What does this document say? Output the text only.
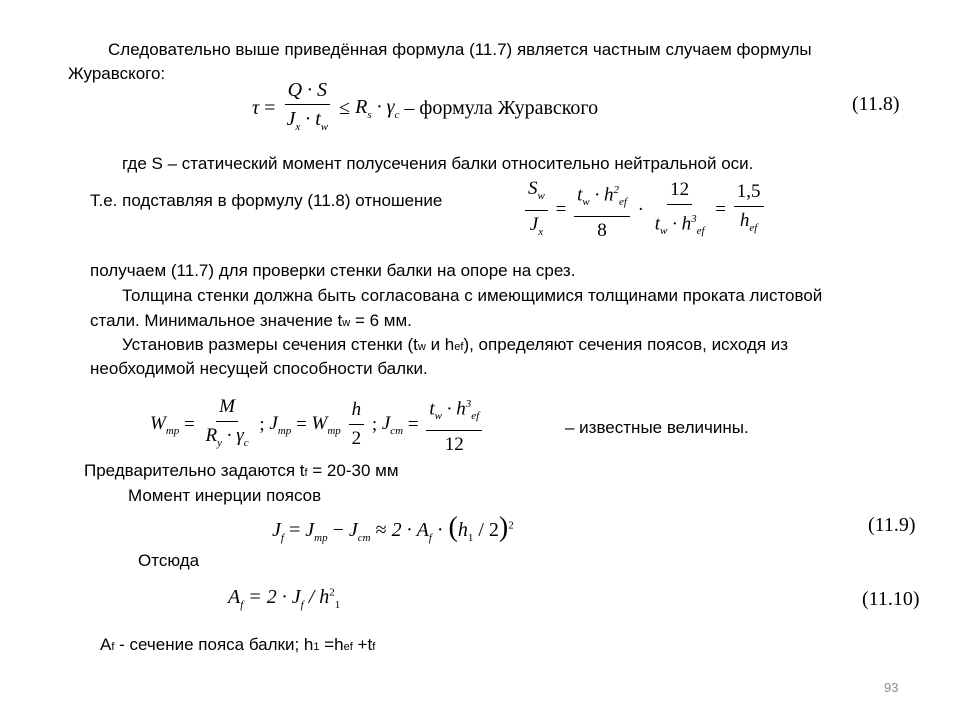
Следовательно выше приведённая формула (11.7) является частным случаем формулы
Журавского:
$\tau = \frac{Q \cdot S}{J_x \cdot t_w} \le R_s \cdot \gamma_c$ – формула Журавского	(11.8)
где S – статический момент полусечения балки относительно нейтральной оси.
Т.е. подставляя в формулу (11.8) отношение	$\frac{S_w}{J_x} = \frac{t_w \cdot h^2_{ef}}{8} \cdot \frac{12}{t_w \cdot h^3_{ef}} = \frac{1,5}{h_{ef}}$
получаем (11.7) для проверки стенки балки на опоре на срез.
Толщина стенки должна быть согласована с имеющимися толщинами проката листовой
стали. Минимальное значение tw = 6 мм.
Установив размеры сечения стенки (tw и hef), определяют сечения поясов, исходя из
необходимой несущей способности балки.
$W_{тр} = \frac{M}{R_y \cdot \gamma_c}$ ; $J_{тр} = W_{тр} \frac{h}{2}$ ; $J_{ст} = \frac{t_w \cdot h^3_{ef}}{12}$	– известные величины.
Предварительно задаются tf = 20-30 мм
Момент инерции поясов
$J_f = J_{тр} - J_{ст} \approx 2 \cdot A_f \cdot (h_1 / 2)^2$	(11.9)
Отсюда
$A_f = 2 \cdot J_f / h^2_1$	(11.10)
Af - сечение пояса балки; h1 =hef +tf
93
